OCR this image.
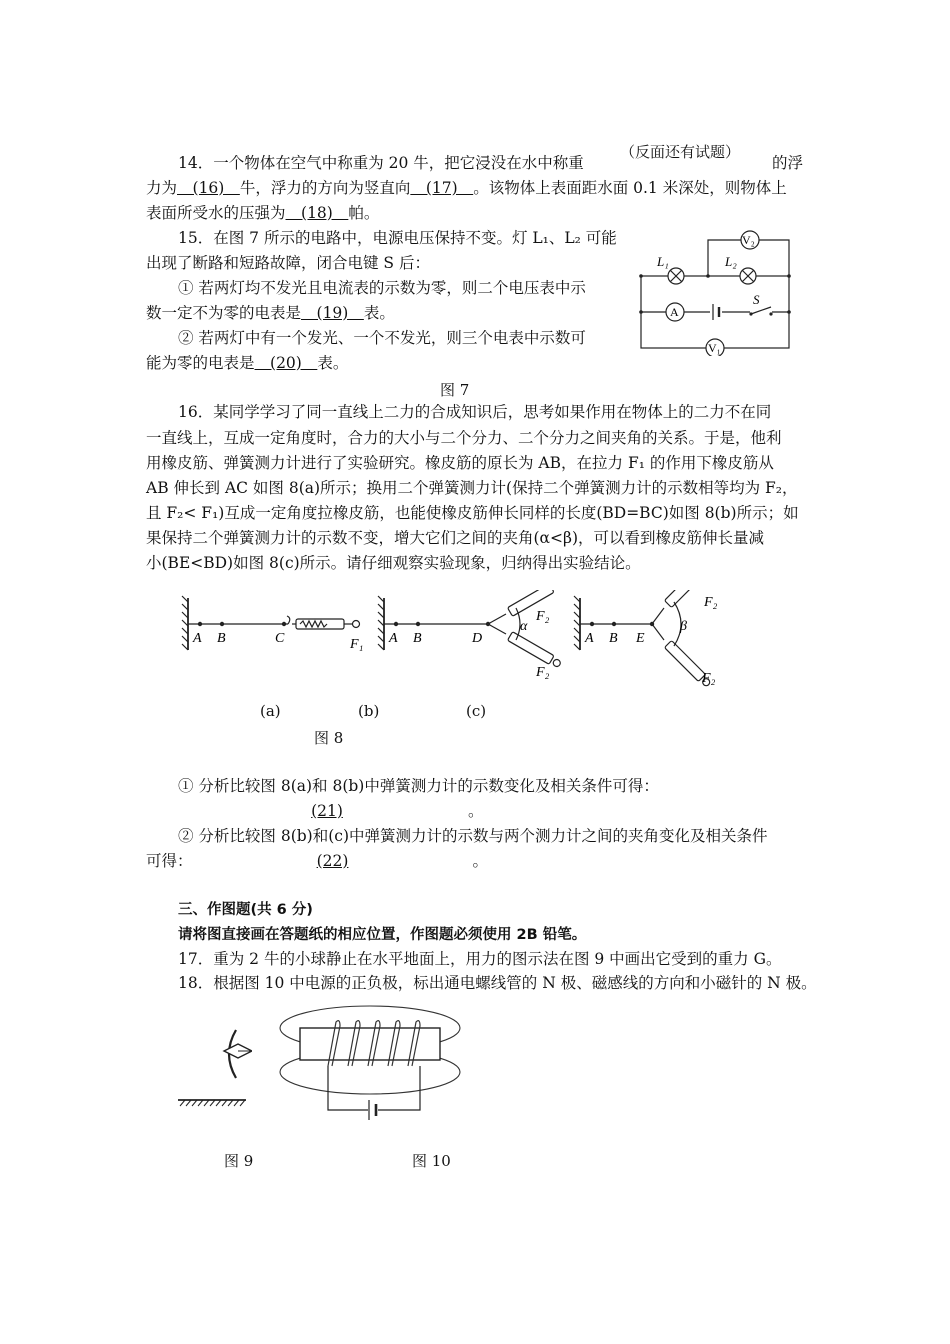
14．一个物体在空气中称重为 20 牛，把它浸没在水中称重
（反面还有试题）
的浮
力为　(16)　牛，浮力的方向为竖直向　(17)　。该物体上表面距水面 0.1 米深处，则物体上
表面所受水的压强为　(18)　帕。
15．在图 7 所示的电路中，电源电压保持不变。灯 L₁、L₂ 可能
出现了断路和短路故障，闭合电键 S 后：
① 若两灯均不发光且电流表的示数为零，则二个电压表中示
数一定不为零的电表是　(19)　表。
② 若两灯中有一个发光、一个不发光，则三个电表中示数可
能为零的电表是　(20)　表。
图 7
L₁	L₂
V₂
V₁
A
S
16．某同学学习了同一直线上二力的合成知识后，思考如果作用在物体上的二力不在同
一直线上，互成一定角度时，合力的大小与二个分力、二个分力之间夹角的关系。于是，他利
用橡皮筋、弹簧测力计进行了实验研究。橡皮筋的原长为 AB，在拉力 F₁ 的作用下橡皮筋从
AB 伸长到 AC 如图 8(a)所示；换用二个弹簧测力计(保持二个弹簧测力计的示数相等均为 F₂，
且 F₂< F₁)互成一定角度拉橡皮筋，也能使橡皮筋伸长同样的长度(BD=BC)如图 8(b)所示；如
果保持二个弹簧测力计的示数不变，增大它们之间的夹角(α<β)，可以看到橡皮筋伸长量减
小(BE<BD)如图 8(c)所示。请仔细观察实验现象，归纳得出实验结论。
A B	C	F₁ A B	D
F₂
F₂
α
A B E
F₂
F₂
β
(a)	(b)	(c)
图 8
① 分析比较图 8(a)和 8(b)中弹簧测力计的示数变化及相关条件可得：
(21)	。
② 分析比较图 8(b)和(c)中弹簧测力计的示数与两个测力计之间的夹角变化及相关条件
可得：	(22)	。
三、作图题(共 6 分)
请将图直接画在答题纸的相应位置，作图题必须使用 2B 铅笔。
17．重为 2 牛的小球静止在水平地面上，用力的图示法在图 9 中画出它受到的重力 G。
18．根据图 10 中电源的正负极，标出通电螺线管的 N 极、磁感线的方向和小磁针的 N 极。
图 9	图 10
